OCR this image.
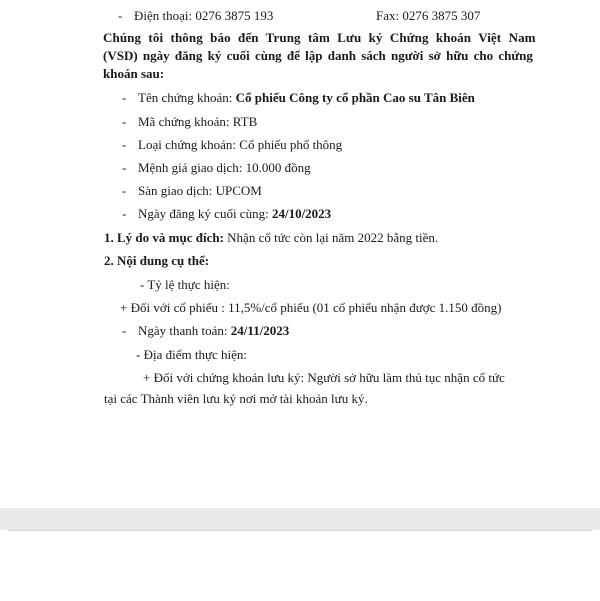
- Điện thoại: 0276 3875 193	Fax: 0276 3875 307
Chúng tôi thông báo đến Trung tâm Lưu ký Chứng khoán Việt Nam
(VSD) ngày đăng ký cuối cùng để lập danh sách người sở hữu cho chứng
khoán sau:
- Tên chứng khoán: Cổ phiếu Công ty cổ phần Cao su Tân Biên
- Mã chứng khoán: RTB
- Loại chứng khoán: Cổ phiếu phổ thông
- Mệnh giá giao dịch: 10.000 đồng
- Sàn giao dịch: UPCOM
- Ngày đăng ký cuối cùng: 24/10/2023
1. Lý do và mục đích: Nhận cổ tức còn lại năm 2022 bằng tiền.
2. Nội dung cụ thể:
- Tỷ lệ thực hiện:
+ Đối với cổ phiếu : 11,5%/cổ phiếu (01 cổ phiếu nhận được 1.150 đồng)
- Ngày thanh toán: 24/11/2023
- Địa điểm thực hiện:
+ Đối với chứng khoán lưu ký: Người sở hữu làm thủ tục nhận cổ tức
tại các Thành viên lưu ký nơi mở tài khoản lưu ký.
